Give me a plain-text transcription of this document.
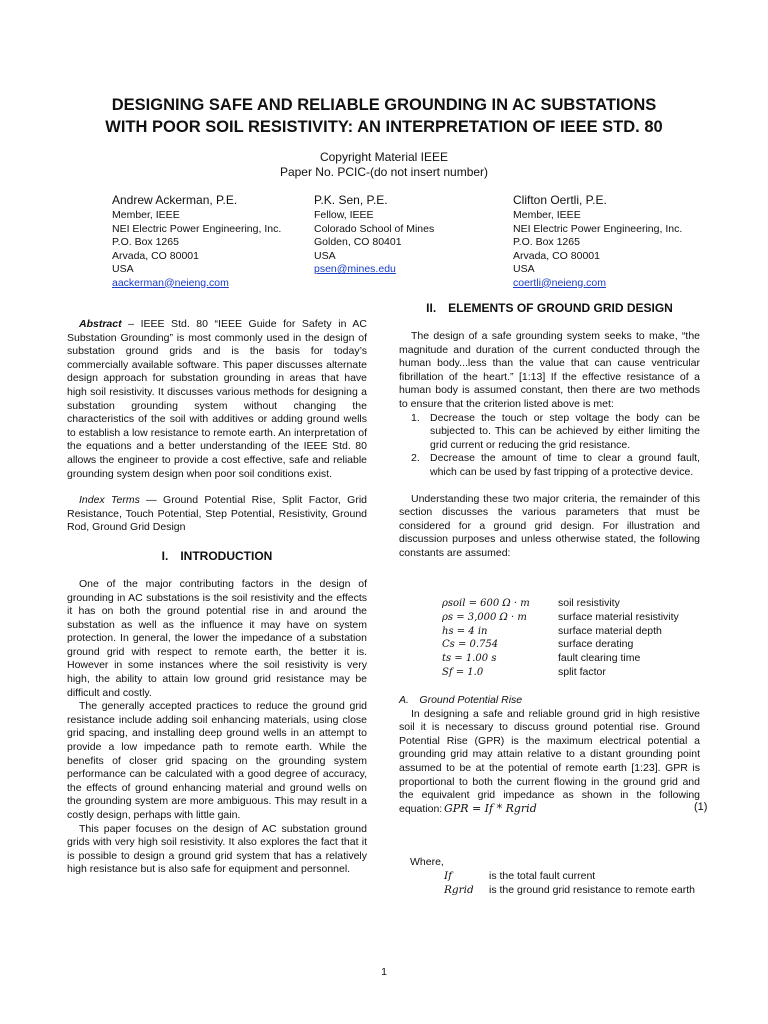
DESIGNING SAFE AND RELIABLE GROUNDING IN AC SUBSTATIONS
WITH POOR SOIL RESISTIVITY: AN INTERPRETATION OF IEEE STD. 80
Copyright Material IEEE
Paper No. PCIC-(do not insert number)
Andrew Ackerman, P.E.
Member, IEEE
NEI Electric Power Engineering, Inc.
P.O. Box 1265
Arvada, CO 80001
USA
aackerman@neieng.com
P.K. Sen, P.E.
Fellow, IEEE
Colorado School of Mines
Golden, CO 80401
USA
psen@mines.edu
Clifton Oertli, P.E.
Member, IEEE
NEI Electric Power Engineering, Inc.
P.O. Box 1265
Arvada, CO 80001
USA
coertli@neieng.com

Abstract – IEEE Std. 80 “IEEE Guide for Safety in AC Substation Grounding” is most commonly used in the design of substation ground grids and is the basis for today’s commercially available software. This paper discusses alternate design approach for substation grounding in areas that have high soil resistivity. It discusses various methods for designing a substation grounding system without changing the characteristics of the soil with additives or adding ground wells to establish a low resistance to remote earth. An interpretation of the equations and a better understanding of the IEEE Std. 80 allows the engineer to provide a cost effective, safe and reliable grounding system design when poor soil conditions exist.

Index Terms — Ground Potential Rise, Split Factor, Grid Resistance, Touch Potential, Step Potential, Resistivity, Ground Rod, Ground Grid Design

I. INTRODUCTION

One of the major contributing factors in the design of grounding in AC substations is the soil resistivity and the effects it has on both the ground potential rise in and around the substation as well as the influence it may have on system protection. In general, the lower the impedance of a substation ground grid with respect to remote earth, the better it is. However in some instances where the soil resistivity is very high, the ability to attain low ground grid resistance may be difficult and costly.

The generally accepted practices to reduce the ground grid resistance include adding soil enhancing materials, using close grid spacing, and installing deep ground wells in an attempt to provide a low impedance path to remote earth. While the benefits of closer grid spacing on the grounding system performance can be calculated with a good degree of accuracy, the effects of ground enhancing material and ground wells on the grounding system are more ambiguous. This may result in a costly design, perhaps with little gain.

This paper focuses on the design of AC substation ground grids with very high soil resistivity. It also explores the fact that it is possible to design a ground grid system that has a relatively high resistance but is also safe for equipment and personnel.

II. ELEMENTS OF GROUND GRID DESIGN

The design of a safe grounding system seeks to make, “the magnitude and duration of the current conducted through the human body...less than the value that can cause ventricular fibrillation of the heart.” [1:13] If the effective resistance of a human body is assumed constant, then there are two methods to ensure that the criterion listed above is met:

1. Decrease the touch or step voltage the body can be subjected to. This can be achieved by either limiting the grid current or reducing the grid resistance.
2. Decrease the amount of time to clear a ground fault, which can be used by fast tripping of a protective device.

Understanding these two major criteria, the remainder of this section discusses the various parameters that must be considered for a ground grid design. For illustration and discussion purposes and unless otherwise stated, the following constants are assumed:

ρsoil = 600 Ω · m	soil resistivity
ρs = 3,000 Ω · m	surface material resistivity
hs = 4 in	surface material depth
Cs = 0.754	surface derating
ts = 1.00 s	fault clearing time
Sf = 1.0	split factor

A. Ground Potential Rise

In designing a safe and reliable ground grid in high resistive soil it is necessary to discuss ground potential rise. Ground Potential Rise (GPR) is the maximum electrical potential a grounding grid may attain relative to a distant grounding point assumed to be at the potential of remote earth [1:23]. GPR is proportional to both the current flowing in the ground grid and the equivalent grid impedance as shown in the following equation: GPR = If * Rgrid	(1)
Where,
If	is the total fault current
Rgrid is the ground grid resistance to remote earth
1
